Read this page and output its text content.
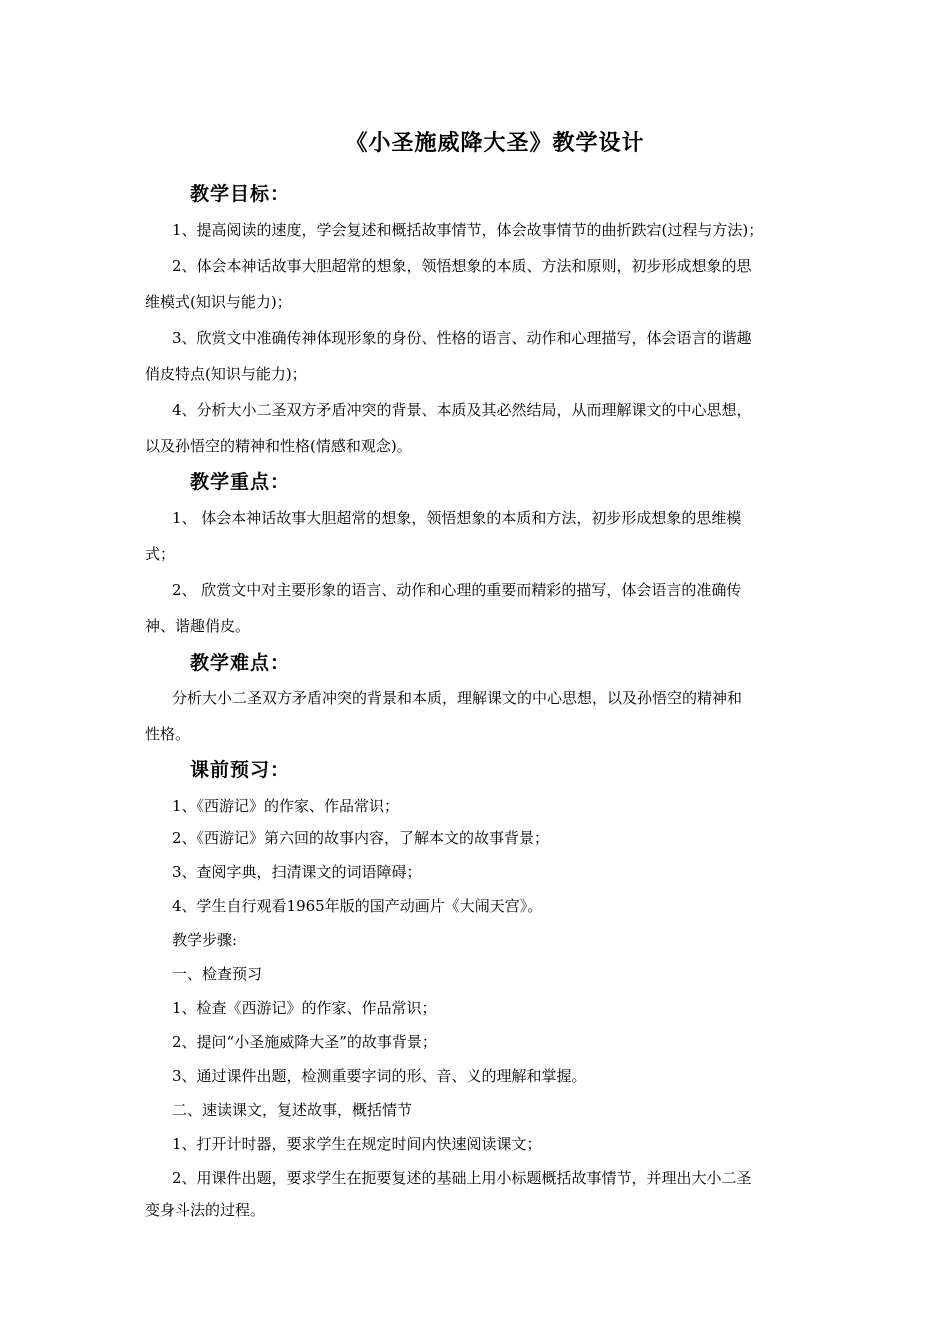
《小圣施威降大圣》教学设计
教学目标：
1、提高阅读的速度，学会复述和概括故事情节，体会故事情节的曲折跌宕(过程与方法)；
2、体会本神话故事大胆超常的想象，领悟想象的本质、方法和原则，初步形成想象的思
维模式(知识与能力)；
3、欣赏文中准确传神体现形象的身份、性格的语言、动作和心理描写，体会语言的谐趣
俏皮特点(知识与能力)；
4、分析大小二圣双方矛盾冲突的背景、本质及其必然结局，从而理解课文的中心思想，
以及孙悟空的精神和性格(情感和观念)。
教学重点：
1、 体会本神话故事大胆超常的想象，领悟想象的本质和方法，初步形成想象的思维模
式；
2、 欣赏文中对主要形象的语言、动作和心理的重要而精彩的描写，体会语言的准确传
神、谐趣俏皮。
教学难点：
分析大小二圣双方矛盾冲突的背景和本质，理解课文的中心思想，以及孙悟空的精神和
性格。
课前预习：
1、《西游记》的作家、作品常识；
2、《西游记》第六回的故事内容，了解本文的故事背景；
3、查阅字典，扫清课文的词语障碍；
4、学生自行观看1965年版的国产动画片《大闹天宫》。
教学步骤:
一、检查预习
1、检查《西游记》的作家、作品常识；
2、提问“小圣施威降大圣”的故事背景；
3、通过课件出题，检测重要字词的形、音、义的理解和掌握。
二、速读课文，复述故事，概括情节
1、打开计时器，要求学生在规定时间内快速阅读课文；
2、用课件出题，要求学生在扼要复述的基础上用小标题概括故事情节，并理出大小二圣
变身斗法的过程。
